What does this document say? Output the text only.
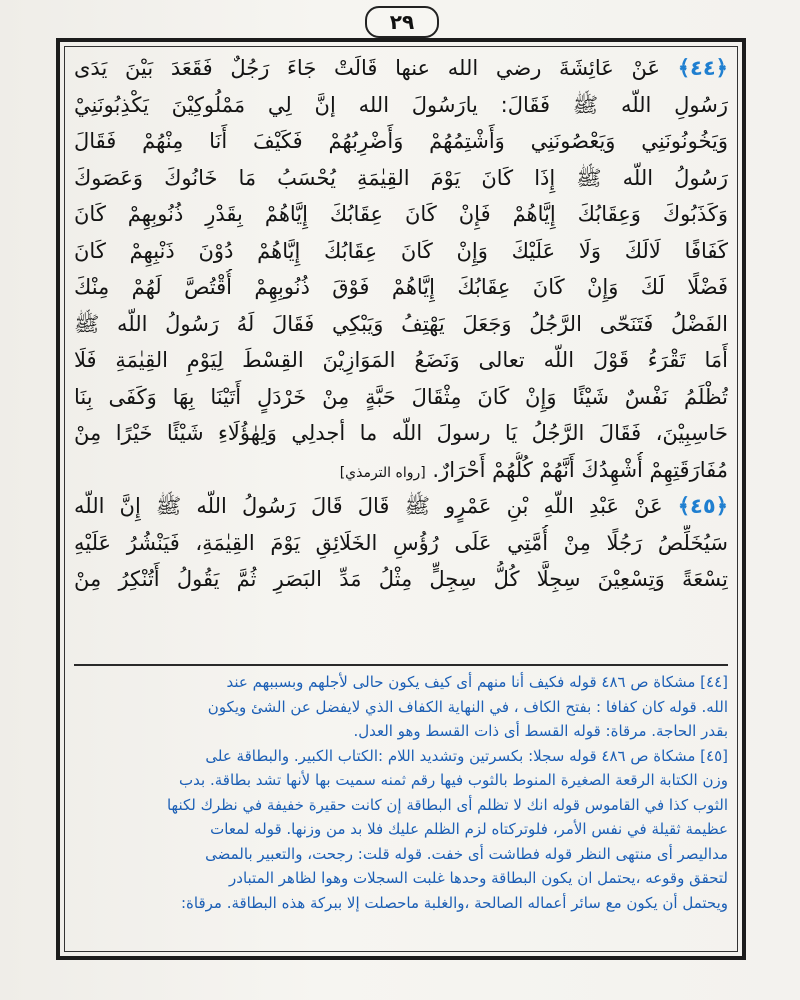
٢٩
﴿٤٤﴾ عَنْ عَائِشَةَ رضي الله عنها قَالَتْ جَاءَ رَجُلٌ فَقَعَدَ بَيْنَ يَدَى
رَسُولِ اللّه ﷺ فَقَالَ: يارَسُولَ الله إنَّ لِي مَمْلُوكِيْنَ يَكْذِبُونَنِيْ
وَيَخُونُونَنِي وَيَعْصُونَنِي وَأَشْتِمُهُمْ وَأَضْرِبُهُمْ فَكَيْفَ أَنَا مِنْهُمْ فَقَالَ
رَسُولُ اللّه ﷺ إِذَا كَانَ يَوْمَ القِيٰمَةِ يُحْسَبُ مَا خَانُوكَ وَعَصَوكَ
وَكَذَبُوكَ وَعِقَابُكَ إِيَّاهُمْ فَإِنْ كَانَ عِقَابُكَ إِيَّاهُمْ بِقَدْرِ ذُنُوبِهِمْ كَانَ
كَفَافًا لَالَكَ وَلَا عَلَيْكَ وَإِنْ كَانَ عِقَابُكَ إِيَّاهُمْ دُوْنَ ذَنْبِهِمْ كَانَ
فَضْلًا لَكَ وَإِنْ كَانَ عِقَابُكَ إِيَّاهُمْ فَوْقَ ذُنُوبِهِمْ أُقْتُصَّ لَهُمْ مِنْكَ
الفَضْلُ فَتَنَحّى الرَّجُلُ وَجَعَلَ يَهْتِفُ وَيَبْكِي فَقَالَ لَهُ رَسُولُ اللّه ﷺ
أَمَا تَقْرَءُ قَوْلَ اللّه تعالى وَنَضَعُ المَوَازِيْنَ القِسْطَ لِيَوْمِ القِيٰمَةِ فَلَا
تُظْلَمُ نَفْسٌ شَيْئًا وَإِنْ كَانَ مِثْقَالَ حَبَّةٍ مِنْ خَرْدَلٍ أَتَيْنَا بِهَا وَكَفَى بِنَا
حَاسِبِيْنَ، فَقَالَ الرَّجُلُ يَا رسولَ اللّه ما أجدلِي وَلِهٰؤُلَاءِ شَيْئًا خَيْرًا مِنْ
مُفَارَقَتِهِمْ أُشْهِدُكَ أَنَّهُمْ كُلُّهُمْ أَحْرَارٌ. [رواه الترمذي]
﴿٤٥﴾ عَنْ عَبْدِ اللّهِ بْنِ عَمْرٍو ﷺ قَالَ قَالَ رَسُولُ اللّه ﷺ إِنَّ اللّه
سَيُخَلِّصُ رَجُلًا مِنْ أُمَّتِي عَلَى رُؤُسِ الخَلَائِقِ يَوْمَ القِيٰمَةِ، فَيَنْشُرُ عَلَيْهِ
تِسْعَةً وَتِسْعِيْنَ سِجِلًّا كُلُّ سِجِلٍّ مِثْلُ مَدِّ البَصَرِ ثُمَّ يَقُولُ أَتُنْكِرُ مِنْ
[٤٤] مشكاة ص ٤٨٦ قوله فكيف أنا منهم أى كيف يكون حالى لأجلهم وبسببهم عند
الله. قوله كان كفافا : بفتح الكاف ، في النهاية الكفاف الذي لايفضل عن الشئ ويكون
بقدر الحاجة. مرقاة: قوله القسط أى ذات القسط وهو العدل.
[٤٥] مشكاة ص ٤٨٦ قوله سجلا: بكسرتين وتشديد اللام :الكتاب الكبير. والبطاقة على
وزن الكتابة الرقعة الصغيرة المنوط بالثوب فيها رقم ثمنه سميت بها لأنها تشد بطاقة. بدب
الثوب كذا في القاموس قوله انك لا تظلم أى البطاقة إن كانت حقيرة خفيفة في نظرك لكنها
عظيمة ثقيلة في نفس الأمر، فلوتركتاه لزم الظلم عليك فلا بد من وزنها. قوله لمعات
مداليصر أى منتهى النظر قوله فطاشت أى خفت. قوله قلت: رجحت، والتعبير بالمضى
لتحقق وقوعه ،يحتمل ان يكون البطاقة وحدها غلبت السجلات وهوا لظاهر المتبادر
ويحتمل أن يكون مع سائر أعماله الصالحة ،والغلبة ماحصلت إلا ببركة هذه البطاقة. مرقاة:
